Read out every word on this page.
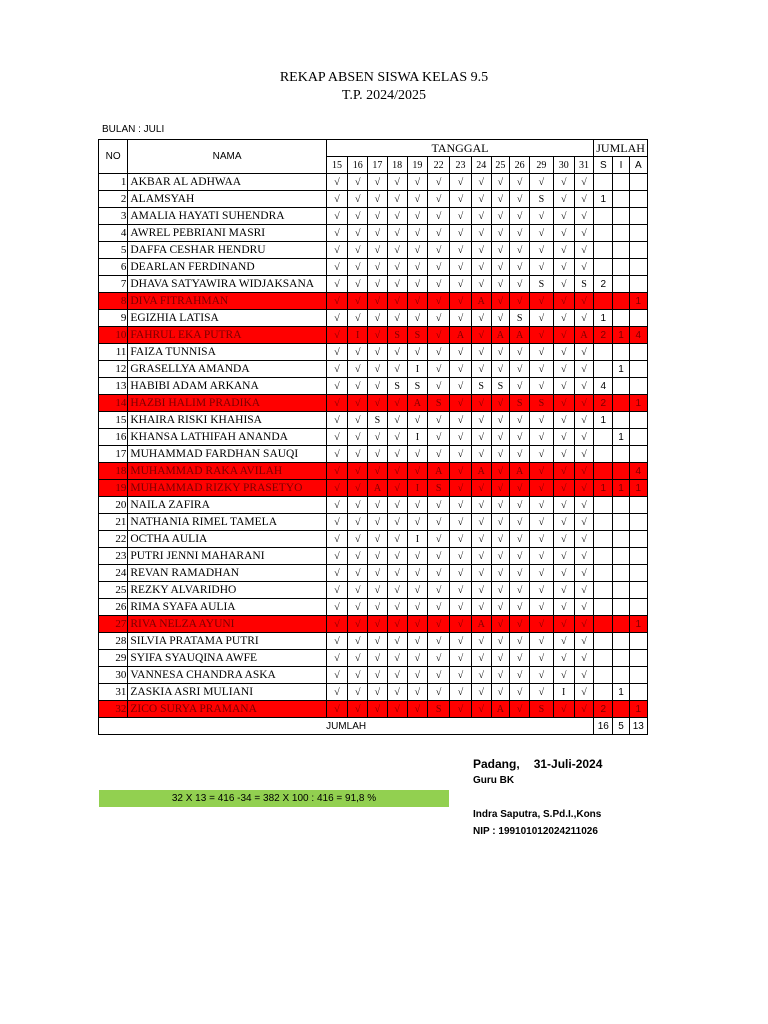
REKAP ABSEN SISWA KELAS 9.5
T.P. 2024/2025
BULAN : JULI
NO	NAMA	TANGGAL													JUMLAH		
		15	16	17	18	19	22	23	24	25	26	29	30	31	S	I	A
1	AKBAR AL ADHWAA	√	√	√	√	√	√	√	√	√	√	√	√	√			
2	ALAMSYAH	√	√	√	√	√	√	√	√	√	√	S	√	√	1		
3	AMALIA HAYATI SUHENDRA	√	√	√	√	√	√	√	√	√	√	√	√	√			
4	AWREL PEBRIANI MASRI	√	√	√	√	√	√	√	√	√	√	√	√	√			
5	DAFFA CESHAR HENDRU	√	√	√	√	√	√	√	√	√	√	√	√	√			
6	DEARLAN FERDINAND	√	√	√	√	√	√	√	√	√	√	√	√	√			
7	DHAVA SATYAWIRA WIDJAKSANA	√	√	√	√	√	√	√	√	√	√	S	√	S	2		
8	DIVA FITRAHMAN	√	√	√	√	√	√	√	A	√	√	√	√	√			1
9	EGIZHIA LATISA	√	√	√	√	√	√	√	√	√	S	√	√	√	1		
10	FAHRUL EKA PUTRA	√	I	√	S	S	√	A	√	A	A	√	√	A	2	1	4
11	FAIZA TUNNISA	√	√	√	√	√	√	√	√	√	√	√	√	√			
12	GRASELLYA AMANDA	√	√	√	√	I	√	√	√	√	√	√	√	√		1	
13	HABIBI ADAM ARKANA	√	√	√	S	S	√	√	S	S	√	√	√	√	4		
14	HAZBI HALIM PRADIKA	√	√	√	√	A	S	√	√	√	S	S	√	√	2		1
15	KHAIRA RISKI KHAHISA	√	√	S	√	√	√	√	√	√	√	√	√	√	1		
16	KHANSA LATHIFAH ANANDA	√	√	√	√	I	√	√	√	√	√	√	√	√		1	
17	MUHAMMAD FARDHAN SAUQI	√	√	√	√	√	√	√	√	√	√	√	√	√			
18	MUHAMMAD RAKA AVILAH	√	√	√	√	√	A	√	A	√	A	√	√	√			4
19	MUHAMMAD RIZKY PRASETYO	√	√	A	√	I	S	√	√	√	√	√	√	√	1	1	1
20	NAILA ZAFIRA	√	√	√	√	√	√	√	√	√	√	√	√	√			
21	NATHANIA RIMEL TAMELA	√	√	√	√	√	√	√	√	√	√	√	√	√			
22	OCTHA AULIA	√	√	√	√	I	√	√	√	√	√	√	√	√			
23	PUTRI JENNI MAHARANI	√	√	√	√	√	√	√	√	√	√	√	√	√			
24	REVAN RAMADHAN	√	√	√	√	√	√	√	√	√	√	√	√	√			
25	REZKY ALVARIDHO	√	√	√	√	√	√	√	√	√	√	√	√	√			
26	RIMA SYAFA AULIA	√	√	√	√	√	√	√	√	√	√	√	√	√			
27	RIVA NELZA AYUNI	√	√	√	√	√	√	√	A	√	√	√	√	√			1
28	SILVIA PRATAMA PUTRI	√	√	√	√	√	√	√	√	√	√	√	√	√			
29	SYIFA SYAUQINA AWFE	√	√	√	√	√	√	√	√	√	√	√	√	√			
30	VANNESA CHANDRA ASKA	√	√	√	√	√	√	√	√	√	√	√	√	√			
31	ZASKIA ASRI MULIANI	√	√	√	√	√	√	√	√	√	√	√	I	√		1	
32	ZICO SURYA PRAMANA	√	√	√	√	√	S	√	√	A	√	S	√	√	2		1
JUMLAH															16	5	13
Padang, 31-Juli-2024
Guru BK
Indra Saputra, S.Pd.I.,Kons
NIP : 199101012024211026
32 X 13 = 416 -34 = 382 X 100 : 416 = 91,8 %
